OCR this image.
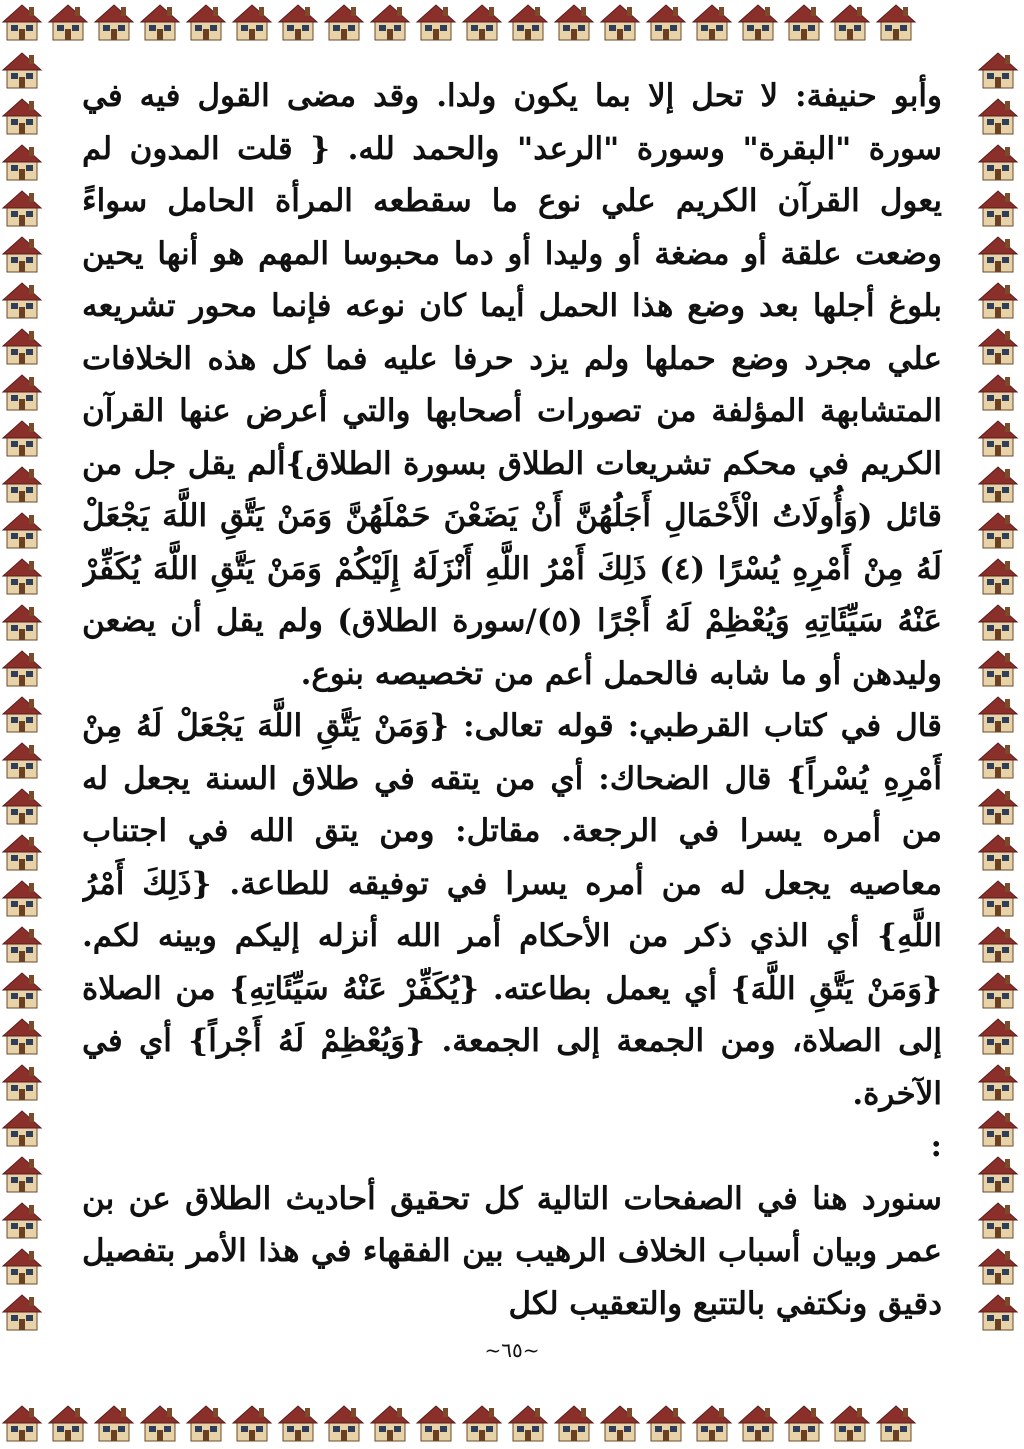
وأبو حنيفة: لا تحل إلا بما يكون ولدا. وقد مضى القول فيه في سورة "البقرة" وسورة "الرعد" والحمد لله. { قلت المدون لم يعول القرآن الكريم علي نوع ما سقطعه المرأة الحامل سواءً وضعت علقة أو مضغة أو وليدا أو دما محبوسا المهم هو أنها يحين بلوغ أجلها بعد وضع هذا الحمل أيما كان نوعه فإنما محور تشريعه علي مجرد وضع حملها ولم يزد حرفا عليه فما كل هذه الخلافات المتشابهة المؤلفة من تصورات أصحابها والتي أعرض عنها القرآن الكريم في محكم تشريعات الطلاق بسورة الطلاق}ألم يقل جل من قائل (وَأُولَاتُ الْأَحْمَالِ أَجَلُهُنَّ أَنْ يَضَعْنَ حَمْلَهُنَّ وَمَنْ يَتَّقِ اللَّهَ يَجْعَلْ لَهُ مِنْ أَمْرِهِ يُسْرًا (٤) ذَلِكَ أَمْرُ اللَّهِ أَنْزَلَهُ إِلَيْكُمْ وَمَنْ يَتَّقِ اللَّهَ يُكَفِّرْ عَنْهُ سَيِّئَاتِهِ وَيُعْظِمْ لَهُ أَجْرًا (٥)/سورة الطلاق) ولم يقل أن يضعن وليدهن أو ما شابه فالحمل أعم من تخصيصه بنوع.

قال في كتاب القرطبي: قوله تعالى: {وَمَنْ يَتَّقِ اللَّهَ يَجْعَلْ لَهُ مِنْ أَمْرِهِ يُسْراً} قال الضحاك: أي من يتقه في طلاق السنة يجعل له من أمره يسرا في الرجعة. مقاتل: ومن يتق الله في اجتناب معاصيه يجعل له من أمره يسرا في توفيقه للطاعة. {ذَلِكَ أَمْرُ اللَّهِ} أي الذي ذكر من الأحكام أمر الله أنزله إليكم وبينه لكم. {وَمَنْ يَتَّقِ اللَّهَ} أي يعمل بطاعته. {يُكَفِّرْ عَنْهُ سَيِّئَاتِهِ} من الصلاة إلى الصلاة، ومن الجمعة إلى الجمعة. {وَيُعْظِمْ لَهُ أَجْراً} أي في الآخرة.

:

سنورد هنا في الصفحات التالية كل تحقيق أحاديث الطلاق عن بن عمر وبيان أسباب الخلاف الرهيب بين الفقهاء في هذا الأمر بتفصيل دقيق ونكتفي بالتتبع والتعقيب لكل

~٦٥~
